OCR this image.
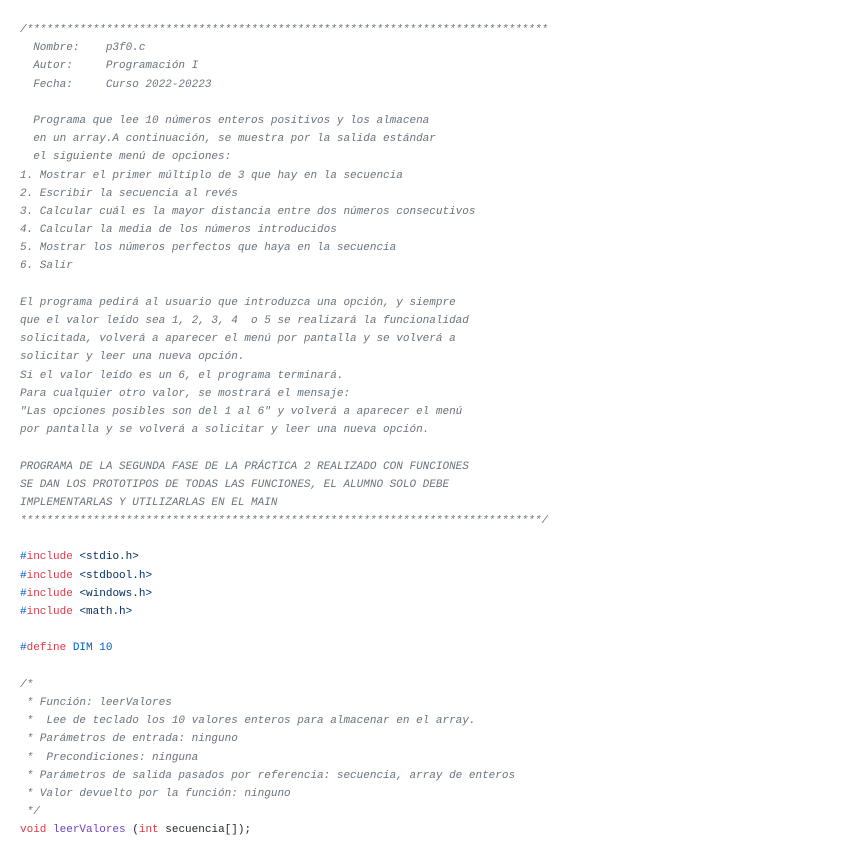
/*******************************************************************************
Nombre:    p3f0.c
Autor:     Programación I
Fecha:     Curso 2022-20223
Programa que lee 10 números enteros positivos y los almacena
en un array.A continuación, se muestra por la salida estándar
el siguiente menú de opciones:
1. Mostrar el primer múltiplo de 3 que hay en la secuencia
2. Escribir la secuencia al revés
3. Calcular cuál es la mayor distancia entre dos números consecutivos
4. Calcular la media de los números introducidos
5. Mostrar los números perfectos que haya en la secuencia
6. Salir
El programa pedirá al usuario que introduzca una opción, y siempre
que el valor leído sea 1, 2, 3, 4  o 5 se realizará la funcionalidad
solicitada, volverá a aparecer el menú por pantalla y se volverá a
solicitar y leer una nueva opción.
Si el valor leído es un 6, el programa terminará.
Para cualquier otro valor, se mostrará el mensaje:
"Las opciones posibles son del 1 al 6" y volverá a aparecer el menú
por pantalla y se volverá a solicitar y leer una nueva opción.
PROGRAMA DE LA SEGUNDA FASE DE LA PRÁCTICA 2 REALIZADO CON FUNCIONES
SE DAN LOS PROTOTIPOS DE TODAS LAS FUNCIONES, EL ALUMNO SOLO DEBE
IMPLEMENTARLAS Y UTILIZARLAS EN EL MAIN
*******************************************************************************/
#include <stdio.h>
#include <stdbool.h>
#include <windows.h>
#include <math.h>
#define DIM 10
/*
* Función: leerValores
*  Lee de teclado los 10 valores enteros para almacenar en el array.
* Parámetros de entrada: ninguno
*  Precondiciones: ninguna
* Parámetros de salida pasados por referencia: secuencia, array de enteros
* Valor devuelto por la función: ninguno
*/
void leerValores (int secuencia[]);
